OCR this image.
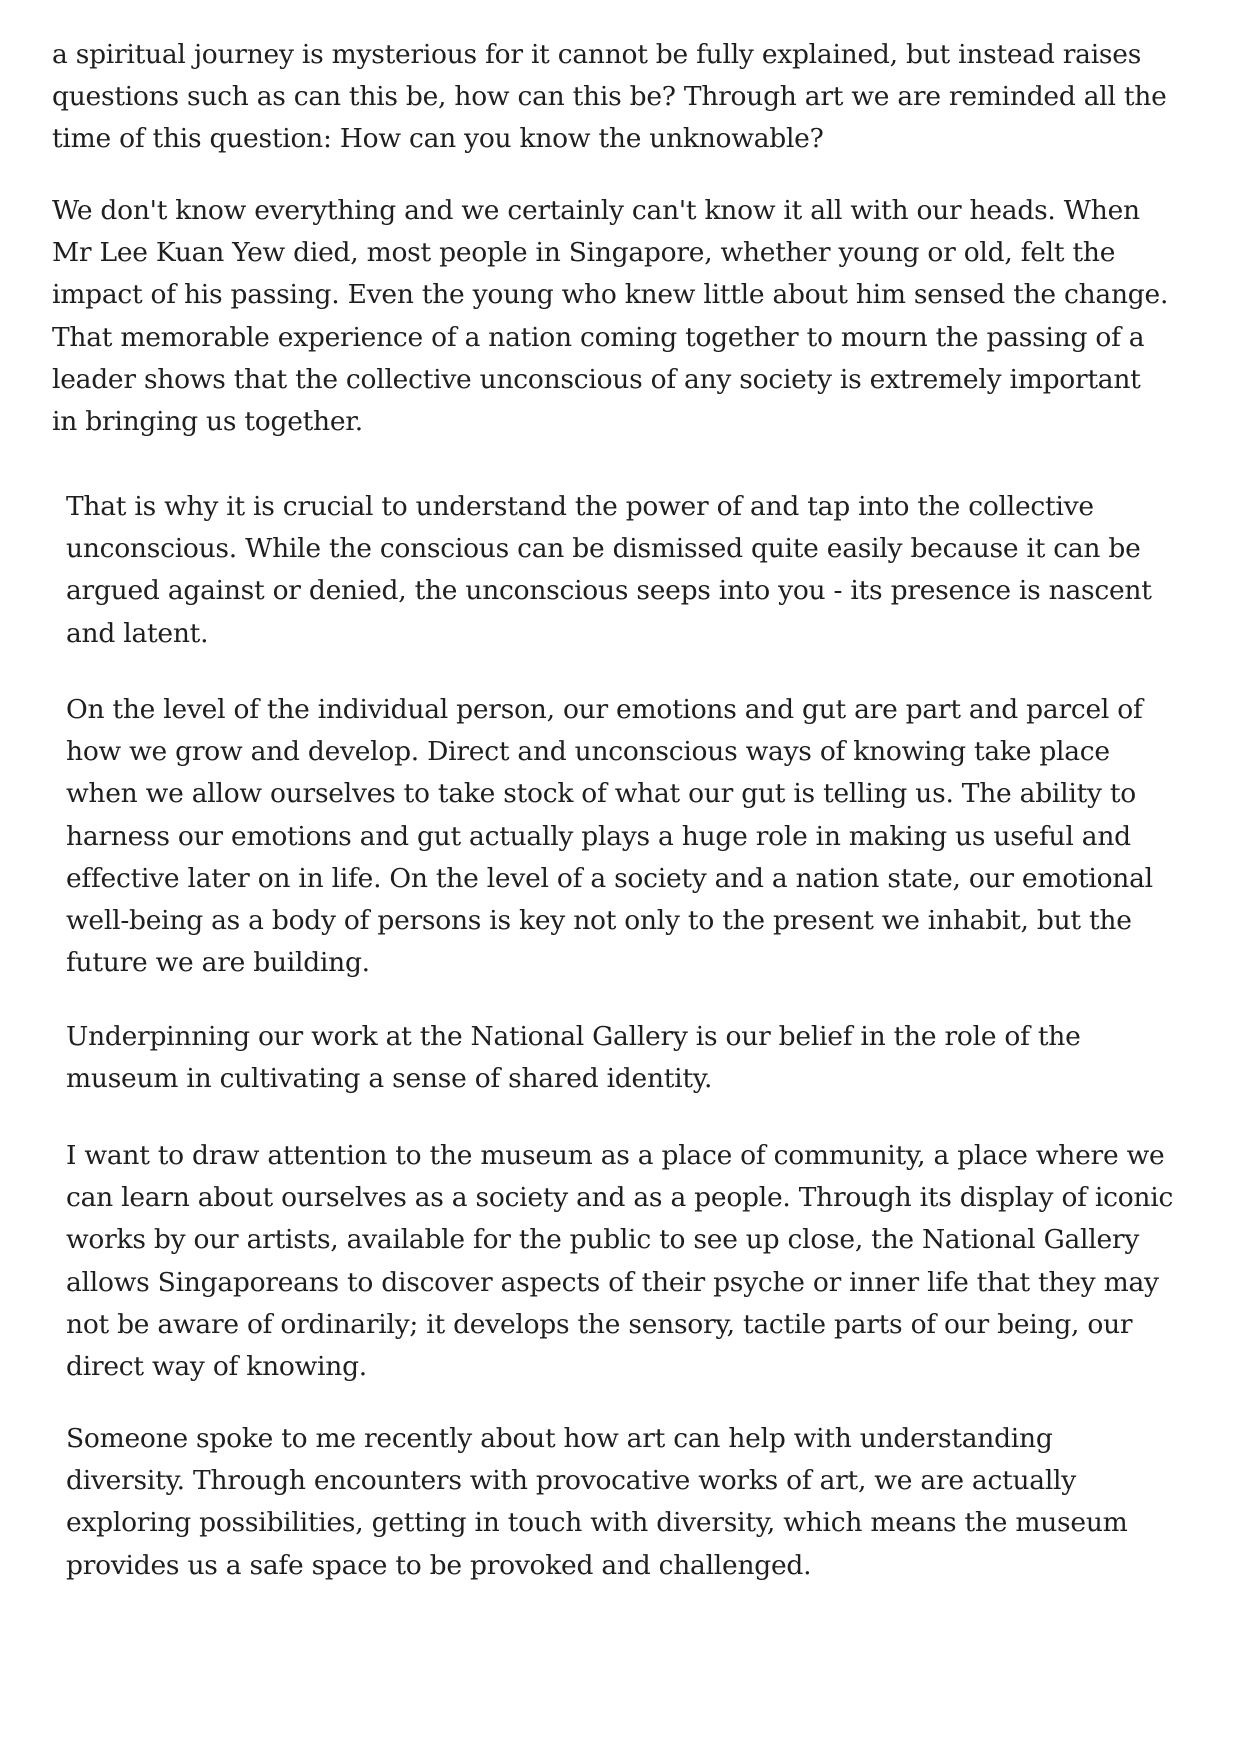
a spiritual journey is mysterious for it cannot be fully explained, but instead raises
questions such as can this be, how can this be? Through art we are reminded all the
time of this question: How can you know the unknowable?

We don't know everything and we certainly can't know it all with our heads. When
Mr Lee Kuan Yew died, most people in Singapore, whether young or old, felt the
impact of his passing. Even the young who knew little about him sensed the change.
That memorable experience of a nation coming together to mourn the passing of a
leader shows that the collective unconscious of any society is extremely important
in bringing us together.

That is why it is crucial to understand the power of and tap into the collective
unconscious. While the conscious can be dismissed quite easily because it can be
argued against or denied, the unconscious seeps into you - its presence is nascent
and latent.

On the level of the individual person, our emotions and gut are part and parcel of
how we grow and develop. Direct and unconscious ways of knowing take place
when we allow ourselves to take stock of what our gut is telling us. The ability to
harness our emotions and gut actually plays a huge role in making us useful and
effective later on in life. On the level of a society and a nation state, our emotional
well-being as a body of persons is key not only to the present we inhabit, but the
future we are building.

Underpinning our work at the National Gallery is our belief in the role of the
museum in cultivating a sense of shared identity.

I want to draw attention to the museum as a place of community, a place where we
can learn about ourselves as a society and as a people. Through its display of iconic
works by our artists, available for the public to see up close, the National Gallery
allows Singaporeans to discover aspects of their psyche or inner life that they may
not be aware of ordinarily; it develops the sensory, tactile parts of our being, our
direct way of knowing.

Someone spoke to me recently about how art can help with understanding
diversity. Through encounters with provocative works of art, we are actually
exploring possibilities, getting in touch with diversity, which means the museum
provides us a safe space to be provoked and challenged.
